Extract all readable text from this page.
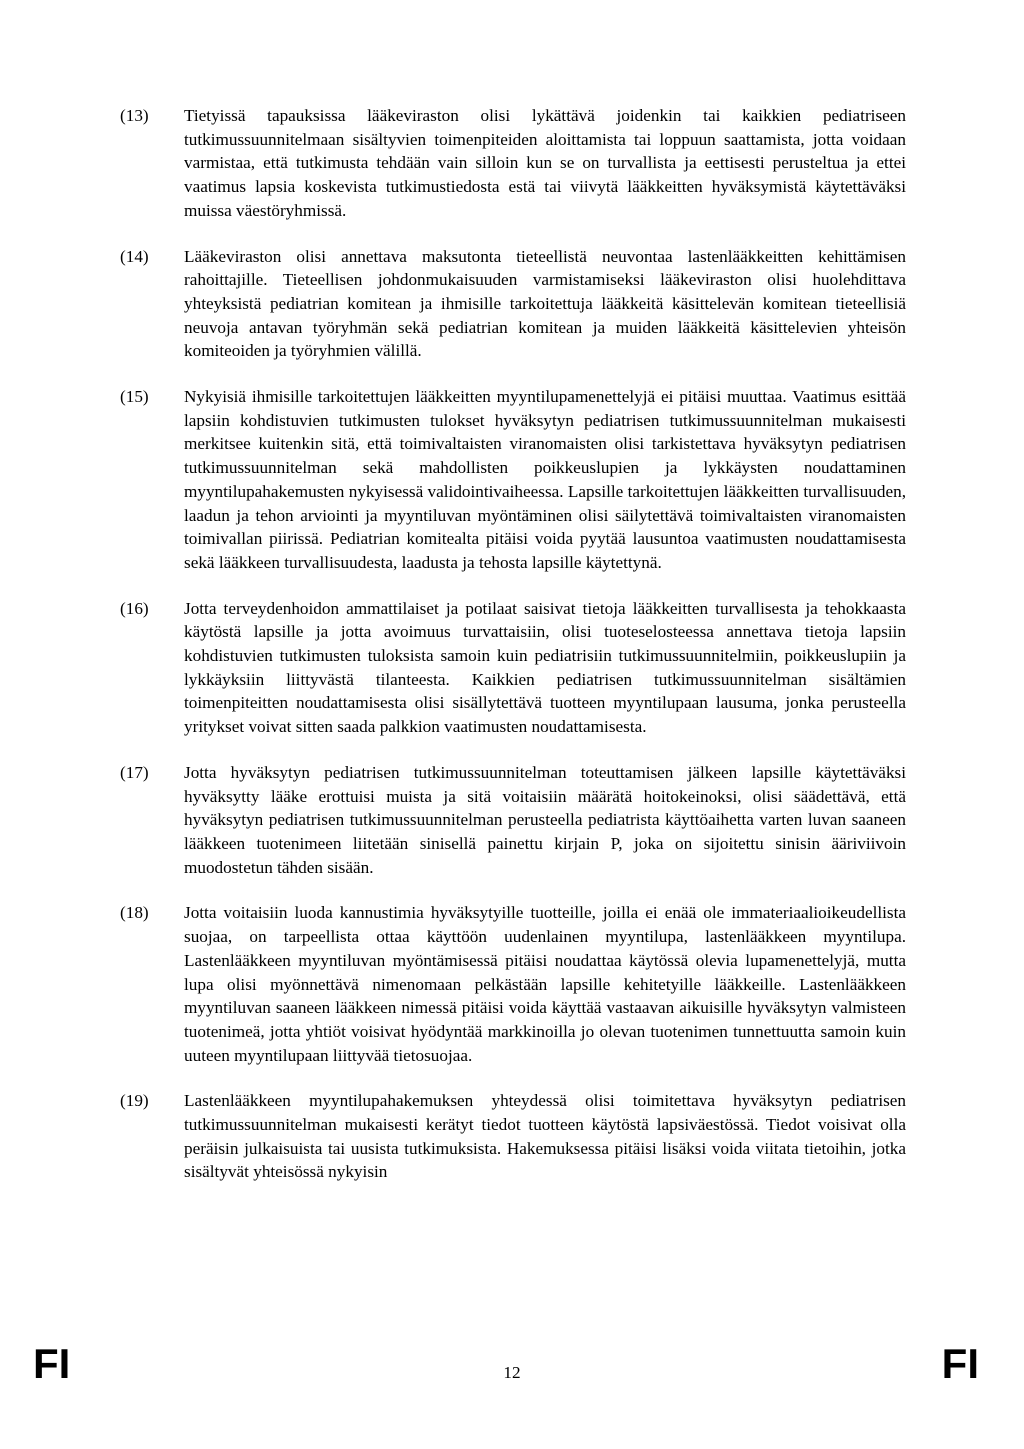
(13)	Tietyissä tapauksissa lääkeviraston olisi lykättävä joidenkin tai kaikkien pediatriseen tutkimussuunnitelmaan sisältyvien toimenpiteiden aloittamista tai loppuun saattamista, jotta voidaan varmistaa, että tutkimusta tehdään vain silloin kun se on turvallista ja eettisesti perusteltua ja ettei vaatimus lapsia koskevista tutkimustiedosta estä tai viivytä lääkkeitten hyväksymistä käytettäväksi muissa väestöryhmissä.

(14)	Lääkeviraston olisi annettava maksutonta tieteellistä neuvontaa lastenlääkkeitten kehittämisen rahoittajille. Tieteellisen johdonmukaisuuden varmistamiseksi lääkeviraston olisi huolehdittava yhteyksistä pediatrian komitean ja ihmisille tarkoitettuja lääkkeitä käsittelevän komitean tieteellisiä neuvoja antavan työryhmän sekä pediatrian komitean ja muiden lääkkeitä käsittelevien yhteisön komiteoiden ja työryhmien välillä.

(15)	Nykyisiä ihmisille tarkoitettujen lääkkeitten myyntilupamenettelyjä ei pitäisi muuttaa. Vaatimus esittää lapsiin kohdistuvien tutkimusten tulokset hyväksytyn pediatrisen tutkimussuunnitelman mukaisesti merkitsee kuitenkin sitä, että toimivaltaisten viranomaisten olisi tarkistettava hyväksytyn pediatrisen tutkimussuunnitelman sekä mahdollisten poikkeuslupien ja lykkäysten noudattaminen myyntilupahakemusten nykyisessä validointivaiheessa. Lapsille tarkoitettujen lääkkeitten turvallisuuden, laadun ja tehon arviointi ja myyntiluvan myöntäminen olisi säilytettävä toimivaltaisten viranomaisten toimivallan piirissä. Pediatrian komitealta pitäisi voida pyytää lausuntoa vaatimusten noudattamisesta sekä lääkkeen turvallisuudesta, laadusta ja tehosta lapsille käytettynä.

(16)	Jotta terveydenhoidon ammattilaiset ja potilaat saisivat tietoja lääkkeitten turvallisesta ja tehokkaasta käytöstä lapsille ja jotta avoimuus turvattaisiin, olisi tuoteselosteessa annettava tietoja lapsiin kohdistuvien tutkimusten tuloksista samoin kuin pediatrisiin tutkimussuunnitelmiin, poikkeuslupiin ja lykkäyksiin liittyvästä tilanteesta. Kaikkien pediatrisen tutkimussuunnitelman sisältämien toimenpiteitten noudattamisesta olisi sisällytettävä tuotteen myyntilupaan lausuma, jonka perusteella yritykset voivat sitten saada palkkion vaatimusten noudattamisesta.

(17)	Jotta hyväksytyn pediatrisen tutkimussuunnitelman toteuttamisen jälkeen lapsille käytettäväksi hyväksytty lääke erottuisi muista ja sitä voitaisiin määrätä hoitokeinoksi, olisi säädettävä, että hyväksytyn pediatrisen tutkimussuunnitelman perusteella pediatrista käyttöaihetta varten luvan saaneen lääkkeen tuotenimeen liitetään sinisellä painettu kirjain P, joka on sijoitettu sinisin ääriviivoin muodostetun tähden sisään.

(18)	Jotta voitaisiin luoda kannustimia hyväksytyille tuotteille, joilla ei enää ole immateriaalioikeudellista suojaa, on tarpeellista ottaa käyttöön uudenlainen myyntilupa, lastenlääkkeen myyntilupa. Lastenlääkkeen myyntiluvan myöntämisessä pitäisi noudattaa käytössä olevia lupamenettelyjä, mutta lupa olisi myönnettävä nimenomaan pelkästään lapsille kehitetyille lääkkeille. Lastenlääkkeen myyntiluvan saaneen lääkkeen nimessä pitäisi voida käyttää vastaavan aikuisille hyväksytyn valmisteen tuotenimeä, jotta yhtiöt voisivat hyödyntää markkinoilla jo olevan tuotenimen tunnettuutta samoin kuin uuteen myyntilupaan liittyvää tietosuojaa.

(19)	Lastenlääkkeen myyntilupahakemuksen yhteydessä olisi toimitettava hyväksytyn pediatrisen tutkimussuunnitelman mukaisesti kerätyt tiedot tuotteen käytöstä lapsiväestössä. Tiedot voisivat olla peräisin julkaisuista tai uusista tutkimuksista. Hakemuksessa pitäisi lisäksi voida viitata tietoihin, jotka sisältyvät yhteisössä nykyisin

FI	12	FI
